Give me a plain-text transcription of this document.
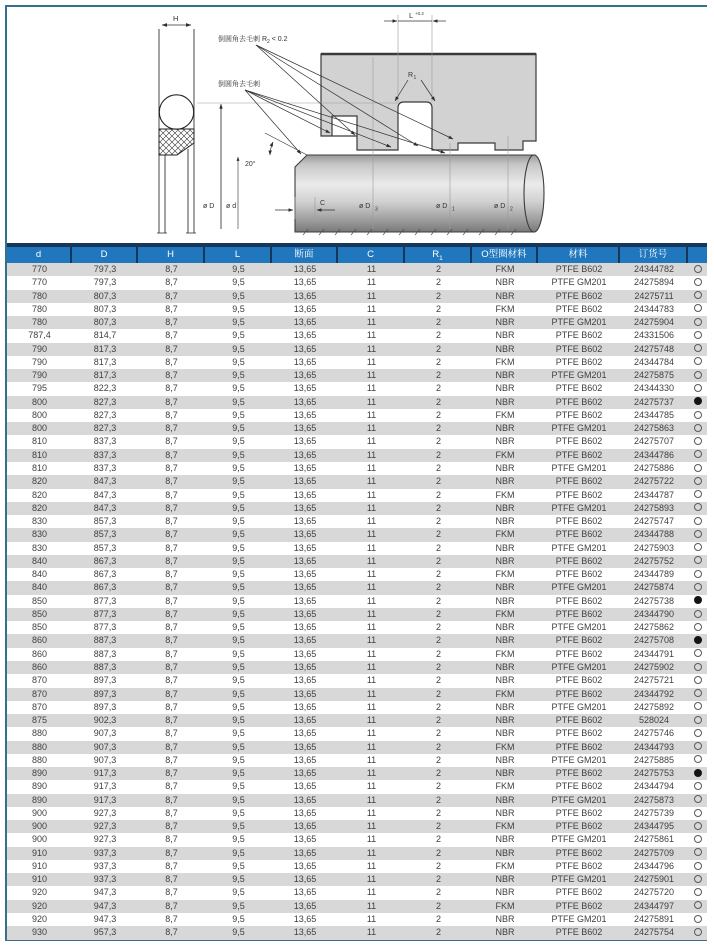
H	L +0.2
R 1
倒圆角去毛刺 $R_2 < 0.2$
倒圆角去毛刺
20°
ø D ø d	C	ø D 3	ø D 1	ø D 2
d	D	H	L	断面	C	$R_1$	O型圈材料	材料	订货号
770	797,3	8,7	9,5	13,65	11	2	FKM	PTFE B602	24344782
770	797,3	8,7	9,5	13,65	11	2	NBR	PTFE GM201	24275894
780	807,3	8,7	9,5	13,65	11	2	NBR	PTFE B602	24275711
780	807,3	8,7	9,5	13,65	11	2	FKM	PTFE B602	24344783
780	807,3	8,7	9,5	13,65	11	2	NBR	PTFE GM201	24275904
787,4	814,7	8,7	9,5	13,65	11	2	NBR	PTFE B602	24331506
790	817,3	8,7	9,5	13,65	11	2	NBR	PTFE B602	24275748
790	817,3	8,7	9,5	13,65	11	2	FKM	PTFE B602	24344784
790	817,3	8,7	9,5	13,65	11	2	NBR	PTFE GM201	24275875
795	822,3	8,7	9,5	13,65	11	2	NBR	PTFE B602	24344330
800	827,3	8,7	9,5	13,65	11	2	NBR	PTFE B602	24275737
800	827,3	8,7	9,5	13,65	11	2	FKM	PTFE B602	24344785
800	827,3	8,7	9,5	13,65	11	2	NBR	PTFE GM201	24275863
810	837,3	8,7	9,5	13,65	11	2	NBR	PTFE B602	24275707
810	837,3	8,7	9,5	13,65	11	2	FKM	PTFE B602	24344786
810	837,3	8,7	9,5	13,65	11	2	NBR	PTFE GM201	24275886
820	847,3	8,7	9,5	13,65	11	2	NBR	PTFE B602	24275722
820	847,3	8,7	9,5	13,65	11	2	FKM	PTFE B602	24344787
820	847,3	8,7	9,5	13,65	11	2	NBR	PTFE GM201	24275893
830	857,3	8,7	9,5	13,65	11	2	NBR	PTFE B602	24275747
830	857,3	8,7	9,5	13,65	11	2	FKM	PTFE B602	24344788
830	857,3	8,7	9,5	13,65	11	2	NBR	PTFE GM201	24275903
840	867,3	8,7	9,5	13,65	11	2	NBR	PTFE B602	24275752
840	867,3	8,7	9,5	13,65	11	2	FKM	PTFE B602	24344789
840	867,3	8,7	9,5	13,65	11	2	NBR	PTFE GM201	24275874
850	877,3	8,7	9,5	13,65	11	2	NBR	PTFE B602	24275738
850	877,3	8,7	9,5	13,65	11	2	FKM	PTFE B602	24344790
850	877,3	8,7	9,5	13,65	11	2	NBR	PTFE GM201	24275862
860	887,3	8,7	9,5	13,65	11	2	NBR	PTFE B602	24275708
860	887,3	8,7	9,5	13,65	11	2	FKM	PTFE B602	24344791
860	887,3	8,7	9,5	13,65	11	2	NBR	PTFE GM201	24275902
870	897,3	8,7	9,5	13,65	11	2	NBR	PTFE B602	24275721
870	897,3	8,7	9,5	13,65	11	2	FKM	PTFE B602	24344792
870	897,3	8,7	9,5	13,65	11	2	NBR	PTFE GM201	24275892
875	902,3	8,7	9,5	13,65	11	2	NBR	PTFE B602	528024
880	907,3	8,7	9,5	13,65	11	2	NBR	PTFE B602	24275746
880	907,3	8,7	9,5	13,65	11	2	FKM	PTFE B602	24344793
880	907,3	8,7	9,5	13,65	11	2	NBR	PTFE GM201	24275885
890	917,3	8,7	9,5	13,65	11	2	NBR	PTFE B602	24275753
890	917,3	8,7	9,5	13,65	11	2	FKM	PTFE B602	24344794
890	917,3	8,7	9,5	13,65	11	2	NBR	PTFE GM201	24275873
900	927,3	8,7	9,5	13,65	11	2	NBR	PTFE B602	24275739
900	927,3	8,7	9,5	13,65	11	2	FKM	PTFE B602	24344795
900	927,3	8,7	9,5	13,65	11	2	NBR	PTFE GM201	24275861
910	937,3	8,7	9,5	13,65	11	2	NBR	PTFE B602	24275709
910	937,3	8,7	9,5	13,65	11	2	FKM	PTFE B602	24344796
910	937,3	8,7	9,5	13,65	11	2	NBR	PTFE GM201	24275901
920	947,3	8,7	9,5	13,65	11	2	NBR	PTFE B602	24275720
920	947,3	8,7	9,5	13,65	11	2	FKM	PTFE B602	24344797
920	947,3	8,7	9,5	13,65	11	2	NBR	PTFE GM201	24275891
930	957,3	8,7	9,5	13,65	11	2	NBR	PTFE B602	24275754
